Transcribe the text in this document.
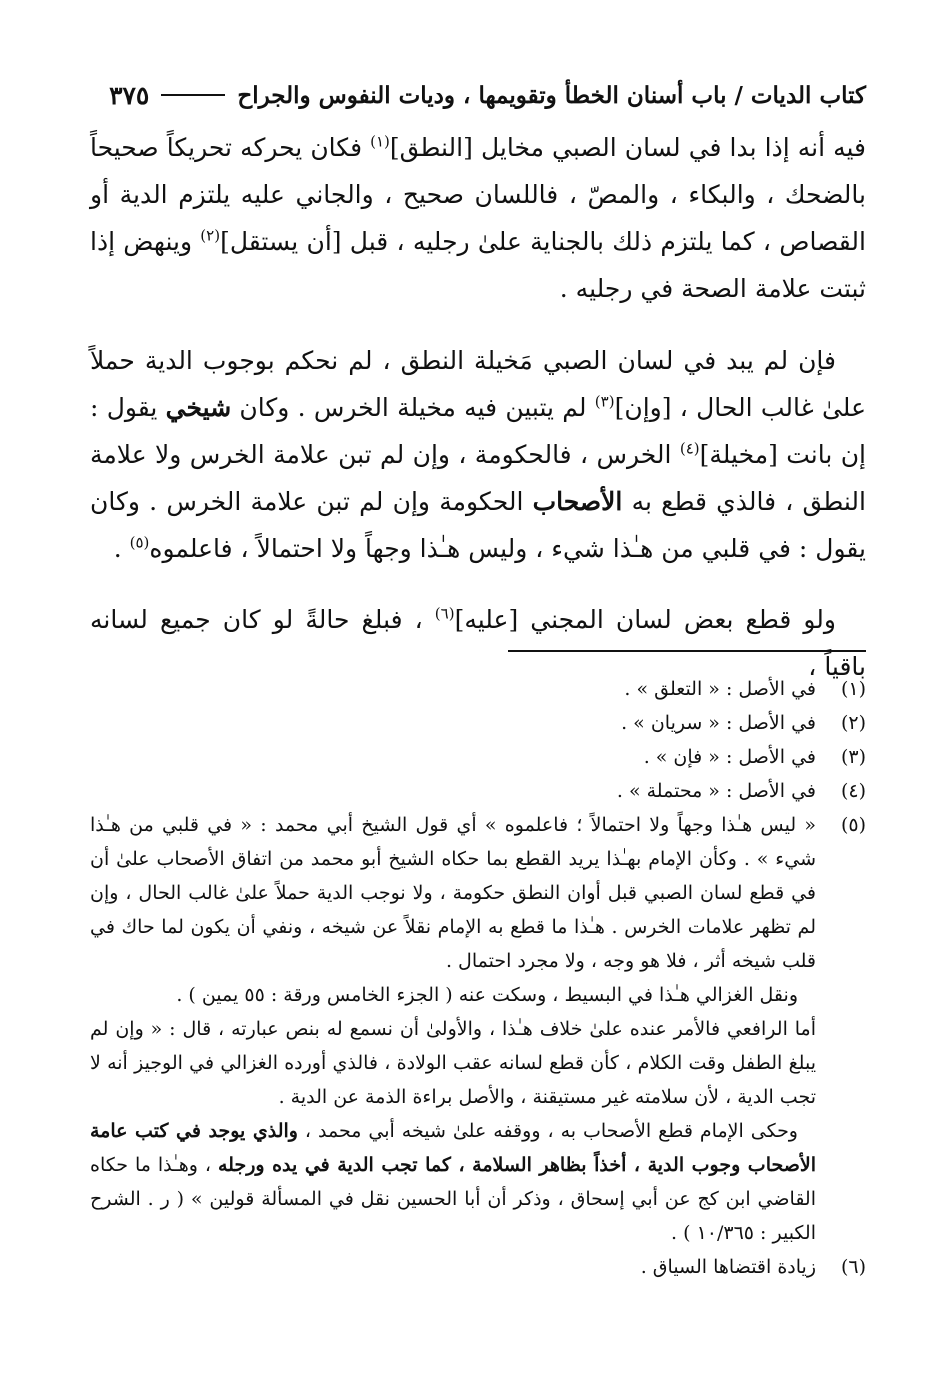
كتاب الديات / باب أسنان الخطأ وتقويمها ، وديات النفوس والجراح
٣٧٥

فيه أنه إذا بدا في لسان الصبي مخايل [النطق]$^{(١)}$ فكان يحركه تحريكاً صحيحاً بالضحك ، والبكاء ، والمصّ ، فاللسان صحيح ، والجاني عليه يلتزم الدية أو القصاص ، كما يلتزم ذلك بالجناية علىٰ رجليه ، قبل [أن يستقل]$^{(٢)}$ وينهض إذا ثبتت علامة الصحة في رجليه .

فإن لم يبد في لسان الصبي مَخيلة النطق ، لم نحكم بوجوب الدية حملاً علىٰ غالب الحال ، [وإن]$^{(٣)}$ لم يتبين فيه مخيلة الخرس . وكان شيخي يقول : إن بانت [مخيلة]$^{(٤)}$ الخرس ، فالحكومة ، وإن لم تبن علامة الخرس ولا علامة النطق ، فالذي قطع به الأصحاب الحكومة وإن لم تبن علامة الخرس . وكان يقول : في قلبي من هـٰذا شيء ، وليس هـٰذا وجهاً ولا احتمالاً ، فاعلموه$^{(٥)}$ .

ولو قطع بعض لسان المجني [عليه]$^{(٦)}$ ، فبلغ حالةً لو كان جميع لسانه باقياً ،

(١)
في الأصل : « التعلق » .
(٢)
في الأصل : « سريان » .
(٣)
في الأصل : « فإن » .
(٤)
في الأصل : « محتملة » .
(٥)

« ليس هـٰذا وجهاً ولا احتمالاً ؛ فاعلموه » أي قول الشيخ أبي محمد : « في قلبي من هـٰذا شيء » . وكأن الإمام بهـٰذا يريد القطع بما حكاه الشيخ أبو محمد من اتفاق الأصحاب علىٰ أن في قطع لسان الصبي قبل أوان النطق حكومة ، ولا نوجب الدية حملاً علىٰ غالب الحال ، وإن لم تظهر علامات الخرس . هـٰذا ما قطع به الإمام نقلاً عن شيخه ، ونفي أن يكون لما حاك في قلب شيخه أثر ، فلا هو وجه ، ولا مجرد احتمال .

ونقل الغزالي هـٰذا في البسيط ، وسكت عنه ( الجزء الخامس ورقة : ٥٥ يمين ) .

أما الرافعي فالأمر عنده علىٰ خلاف هـٰذا ، والأولىٰ أن نسمع له بنص عبارته ، قال : « وإن لم يبلغ الطفل وقت الكلام ، كأن قطع لسانه عقب الولادة ، فالذي أورده الغزالي في الوجيز أنه لا تجب الدية ، لأن سلامته غير مستيقنة ، والأصل براءة الذمة عن الدية .

وحكى الإمام قطع الأصحاب به ، ووقفه علىٰ شيخه أبي محمد ، والذي يوجد في كتب عامة الأصحاب وجوب الدية ، أخذاً بظاهر السلامة ، كما تجب الدية في يده ورجله ، وهـٰذا ما حكاه القاضي ابن كج عن أبي إسحاق ، وذكر أن أبا الحسين نقل في المسألة قولين » ( ر . الشرح الكبير : ١٠/٣٦٥ ) .

(٦)
زيادة اقتضاها السياق .
